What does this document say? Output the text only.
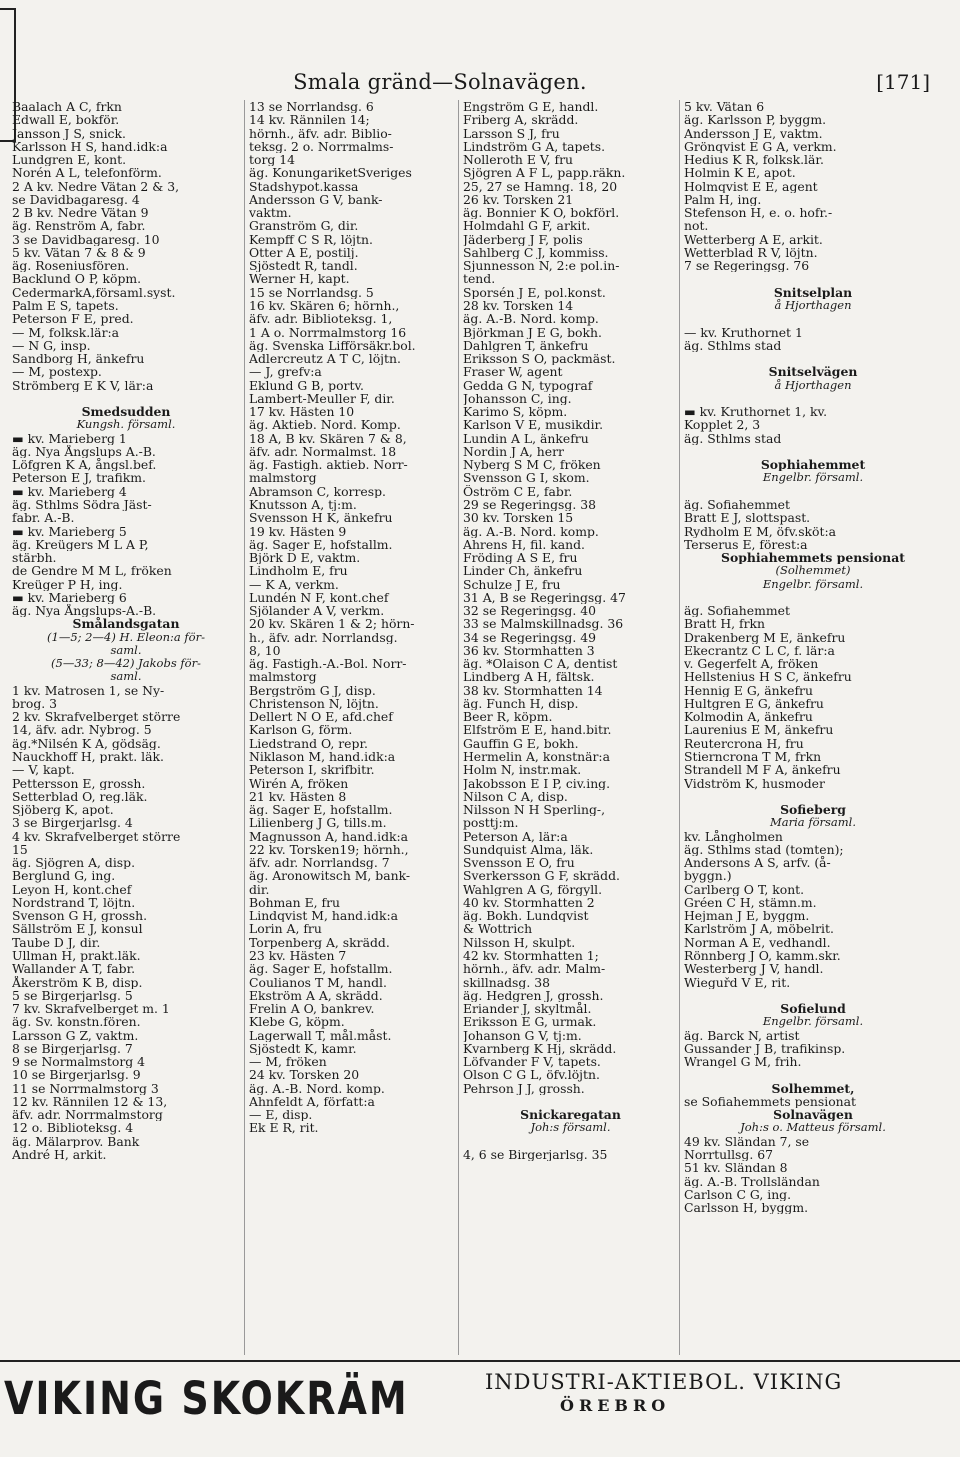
Smala gränd—Solnavägen.	[171]
Baalach A C, frkn
Edwall E, bokför.
Jansson J S, snick.
Karlsson H S, hand.idk:a
Lundgren E, kont.
Norén A L, telefonförm.
2 A kv. Nedre Vätan 2 & 3,
se Davidbagaresg. 4
2 B kv. Nedre Vätan 9
äg. Renström A, fabr.
3 se Davidbagaresg. 10
5 kv. Vätan 7 & 8 & 9
äg. Roseniusfören.
Backlund O P, köpm.
CedermarkA,församl.syst.
Palm E S, tapets.
Peterson F E, pred.
— M, folksk.lär:a
— N G, insp.
Sandborg H, änkefru
— M, postexp.
Strömberg E K V, lär:a
Smedsudden
Kungsh. församl.
▬ kv. Marieberg 1
äg. Nya Ångslups A.-B.
Löfgren K A, ångsl.bef.
Peterson E J, trafikm.
▬ kv. Marieberg 4
äg. Sthlms Södra Jäst-
fabr. A.-B.
▬ kv. Marieberg 5
äg. Kreügers M L A P,
stärbh.
de Gendre M M L, fröken
Kreüger P H, ing.
▬ kv. Marieberg 6
äg. Nya Ångslups-A.-B.
Smålandsgatan
(1—5; 2—4) H. Eleon:a för-
saml.
(5—33; 8—42) Jakobs för-
saml.
1 kv. Matrosen 1, se Ny-
brog. 3
2 kv. Skrafvelberget större
14, äfv. adr. Nybrog. 5
äg.*Nilsén K A, gödsäg.
Nauckhoff H, prakt. läk.
— V, kapt.
Pettersson E, grossh.
Setterblad O, reg.läk.
Sjöberg K, apot.
3 se Birgerjarlsg. 4
4 kv. Skrafvelberget större
15
äg. Sjögren A, disp.
Berglund G, ing.
Leyon H, kont.chef
Nordstrand T, löjtn.
Svenson G H, grossh.
Sällström E J, konsul
Taube D J, dir.
Ullman H, prakt.läk.
Wallander A T, fabr.
Åkerström K B, disp.
5 se Birgerjarlsg. 5
7 kv. Skrafvelberget m. 1
äg. Sv. konstn.fören.
Larsson G Z, vaktm.
8 se Birgerjarlsg. 7
9 se Normalmstorg 4
10 se Birgerjarlsg. 9
11 se Norrmalmstorg 3
12 kv. Rännilen 12 & 13,
äfv. adr. Norrmalmstorg
12 o. Biblioteksg. 4
äg. Mälarprov. Bank
André H, arkit.
13 se Norrlandsg. 6
14 kv. Rännilen 14;
hörnh., äfv. adr. Biblio-
teksg. 2 o. Norrmalms-
torg 14
äg. KonungariketSveriges
Stadshypot.kassa
Andersson G V, bank-
vaktm.
Granström G, dir.
Kempff C S R, löjtn.
Otter A E, postilj.
Sjöstedt R, tandl.
Werner H, kapt.
15 se Norrlandsg. 5
16 kv. Skären 6; hörnh.,
äfv. adr. Biblioteksg. 1,
1 A o. Norrmalmstorg 16
äg. Svenska Lifförsäkr.bol.
Adlercreutz A T C, löjtn.
— J, grefv:a
Eklund G B, portv.
Lambert-Meuller F, dir.
17 kv. Hästen 10
äg. Aktieb. Nord. Komp.
18 A, B kv. Skären 7 & 8,
äfv. adr. Normalmst. 18
äg. Fastigh. aktieb. Norr-
malmstorg
Abramson C, korresp.
Knutsson A, tj:m.
Svensson H K, änkefru
19 kv. Hästen 9
äg. Sager E, hofstallm.
Björk D E, vaktm.
Lindholm E, fru
— K A, verkm.
Lundén N F, kont.chef
Sjölander A V, verkm.
20 kv. Skären 1 & 2; hörn-
h., äfv. adr. Norrlandsg.
8, 10
äg. Fastigh.-A.-Bol. Norr-
malmstorg
Bergström G J, disp.
Christenson N, löjtn.
Dellert N O E, afd.chef
Karlson G, förm.
Liedstrand O, repr.
Niklason M, hand.idk:a
Peterson I, skrifbitr.
Wirén A, fröken
21 kv. Hästen 8
äg. Sager E, hofstallm.
Lilienberg J G, tills.m.
Magnusson A, hand.idk:a
22 kv. Torsken19; hörnh.,
äfv. adr. Norrlandsg. 7
äg. Aronowitsch M, bank-
dir.
Bohman E, fru
Lindqvist M, hand.idk:a
Lorin A, fru
Torpenberg A, skrädd.
23 kv. Hästen 7
äg. Sager E, hofstallm.
Coulianos T M, handl.
Ekström A A, skrädd.
Frelin A O, bankrev.
Klebe G, köpm.
Lagerwall T, mål.måst.
Sjöstedt K, kamr.
— M, fröken
24 kv. Torsken 20
äg. A.-B. Nord. komp.
Ahnfeldt A, författ:a
— E, disp.
Ek E R, rit.
Engström G E, handl.
Friberg A, skrädd.
Larsson S J, fru
Lindström G A, tapets.
Nolleroth E V, fru
Sjögren A F L, papp.räkn.
25, 27 se Hamng. 18, 20
26 kv. Torsken 21
äg. Bonnier K O, bokförl.
Holmdahl G F, arkit.
Jäderberg J F, polis
Sahlberg C J, kommiss.
Sjunnesson N, 2:e pol.in-
tend.
Sporsén J E, pol.konst.
28 kv. Torsken 14
äg. A.-B. Nord. komp.
Björkman J E G, bokh.
Dahlgren T, änkefru
Eriksson S O, packmäst.
Fraser W, agent
Gedda G N, typograf
Johansson C, ing.
Karimo S, köpm.
Karlson V E, musikdir.
Lundin A L, änkefru
Nordin J A, herr
Nyberg S M C, fröken
Svensson G I, skom.
Öström C E, fabr.
29 se Regeringsg. 38
30 kv. Torsken 15
äg. A.-B. Nord. komp.
Ahrens H, fil. kand.
Fröding A S E, fru
Linder Ch, änkefru
Schulze J E, fru
31 A, B se Regeringsg. 47
32 se Regeringsg. 40
33 se Malmskillnadsg. 36
34 se Regeringsg. 49
36 kv. Stormhatten 3
äg. *Olaison C A, dentist
Lindberg A H, fältsk.
38 kv. Stormhatten 14
äg. Funch H, disp.
Beer R, köpm.
Elfström E E, hand.bitr.
Gauffin G E, bokh.
Hermelin A, konstnär:a
Holm N, instr.mak.
Jakobsson E I P, civ.ing.
Nilson C A, disp.
Nilsson N H Sperling-,
posttj:m.
Peterson A, lär:a
Sundquist Alma, läk.
Svensson E O, fru
Sverkersson G F, skrädd.
Wahlgren A G, förgyll.
40 kv. Stormhatten 2
äg. Bokh. Lundqvist
& Wottrich
Nilsson H, skulpt.
42 kv. Stormhatten 1;
hörnh., äfv. adr. Malm-
skillnadsg. 38
äg. Hedgren J, grossh.
Eriander J, skyltmål.
Eriksson E G, urmak.
Johanson G V, tj:m.
Kvarnberg K Hj, skrädd.
Löfvander F V, tapets.
Olson C G L, öfv.löjtn.
Pehrson J J, grossh.
Snickaregatan
Joh:s församl.
4, 6 se Birgerjarlsg. 35
5 kv. Vätan 6
äg. Karlsson P, byggm.
Andersson J E, vaktm.
Grönqvist E G A, verkm.
Hedius K R, folksk.lär.
Holmin K E, apot.
Holmqvist E E, agent
Palm H, ing.
Stefenson H, e. o. hofr.-
not.
Wetterberg A E, arkit.
Wetterblad R V, löjtn.
7 se Regeringsg. 76
Snitselplan
å Hjorthagen
— kv. Kruthornet 1
äg. Sthlms stad
Snitselvägen
å Hjorthagen
▬ kv. Kruthornet 1, kv.
Kopplet 2, 3
äg. Sthlms stad
Sophiahemmet
Engelbr. församl.
äg. Sofiahemmet
Bratt E J, slottspast.
Rydholm E M, öfv.sköt:a
Terserus E, förest:a
Sophiahemmets pensionat
(Solhemmet)
Engelbr. församl.
äg. Sofiahemmet
Bratt H, frkn
Drakenberg M E, änkefru
Ekecrantz C L C, f. lär:a
v. Gegerfelt A, fröken
Hellstenius H S C, änkefru
Hennig E G, änkefru
Hultgren E G, änkefru
Kolmodin A, änkefru
Laurenius E M, änkefru
Reutercrona H, fru
Stierncrona T M, frkn
Strandell M F A, änkefru
Vidström K, husmoder
Sofieberg
Maria församl.
kv. Långholmen
äg. Sthlms stad (tomten);
Andersons A S, arfv. (å-
byggn.)
Carlberg O T, kont.
Gréen C H, stämn.m.
Hejman J E, byggm.
Karlström J A, möbelrit.
Norman A E, vedhandl.
Rönnberg J O, kamm.skr.
Westerberg J V, handl.
Wieguřd V E, rit.
Sofielund
Engelbr. församl.
äg. Barck N, artist
Gussander J B, trafikinsp.
Wrangel G M, frih.
Solhemmet,
se Sofiahemmets pensionat
Solnavägen
Joh:s o. Matteus församl.
49 kv. Sländan 7, se
Norrtullsg. 67
51 kv. Sländan 8
äg. A.-B. Trollsländan
Carlson C G, ing.
Carlsson H, byggm.
VIKING SKOKRÄM	INDUSTRI-AKTIEBOL. VIKING
ÖREBRO
